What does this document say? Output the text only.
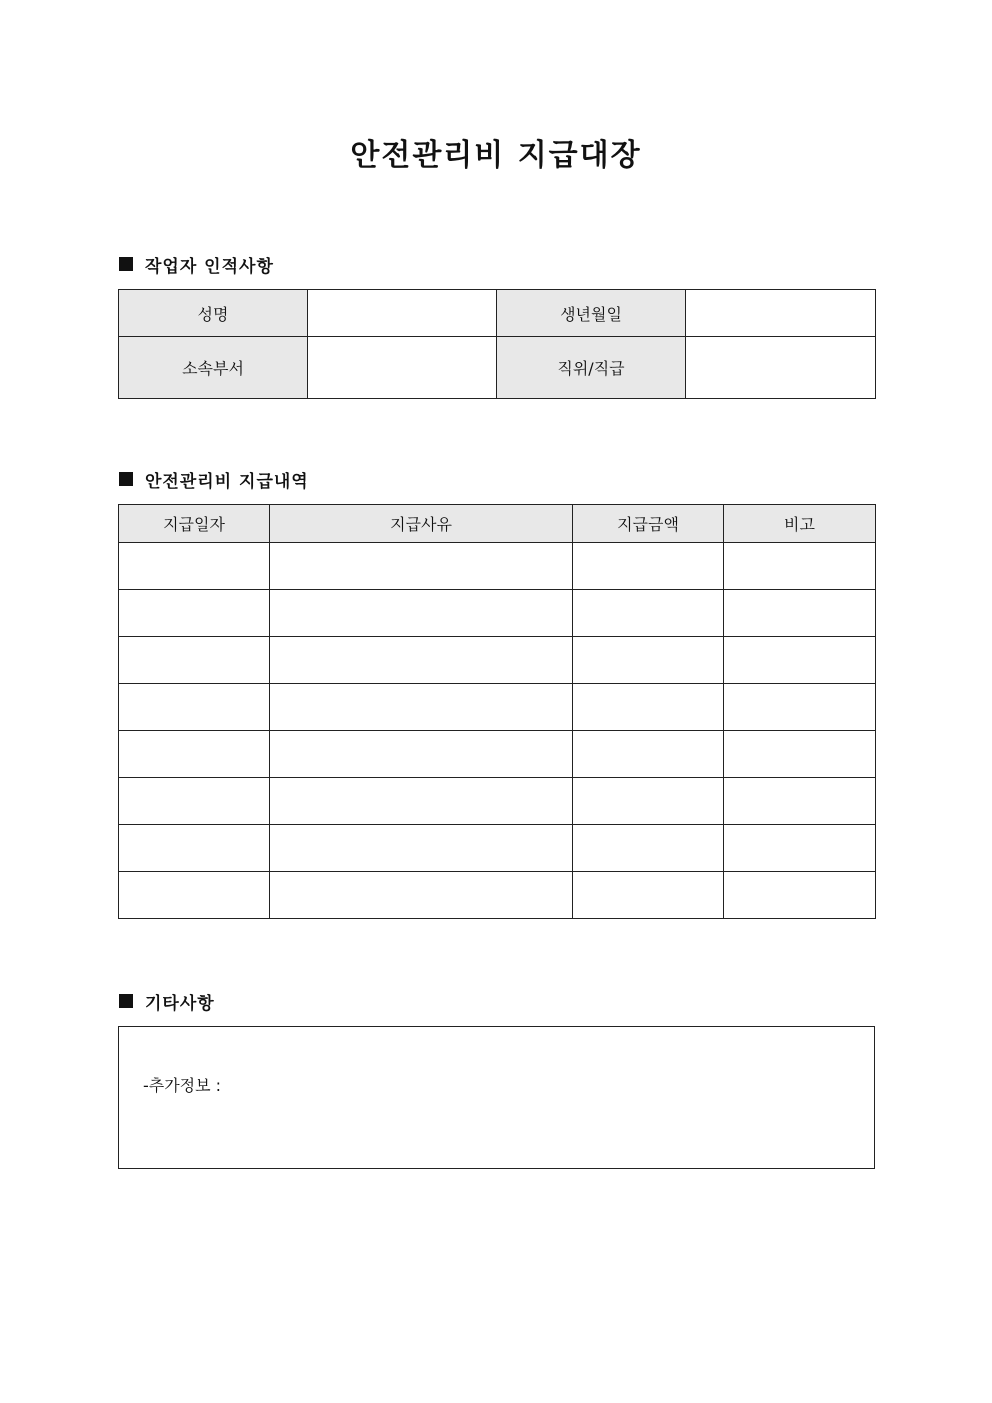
안전관리비 지급대장
작업자 인적사항
성명		생년월일	
소속부서		직위/직급	
안전관리비 지급내역
지급일자	지급사유	지급금액	비고

기타사항
-추가정보 :
